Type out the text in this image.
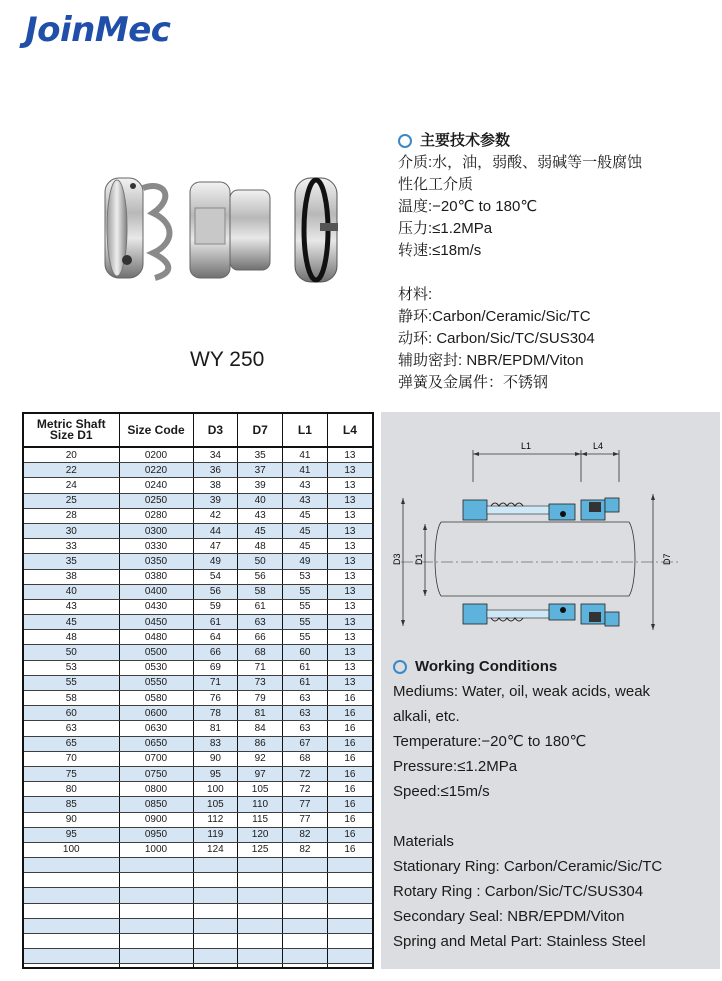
JoinMec
WY 250
主要技术参数

介质:水，油，弱酸、弱碱等一般腐蚀

性化工介质

温度:−20℃ to 180℃

压力:≤1.2MPa

转速:≤18m/s

材料:

静环:Carbon/Ceramic/Sic/TC

动环: Carbon/Sic/TC/SUS304

辅助密封: NBR/EPDM/Viton

弹簧及金属件：不锈钢

Metric Shaft
Size D1	Size Code	D3	D7	L1	L4
20	0200	34	35	41	13
22	0220	36	37	41	13
24	0240	38	39	43	13
25	0250	39	40	43	13
28	0280	42	43	45	13
30	0300	44	45	45	13
33	0330	47	48	45	13
35	0350	49	50	49	13
38	0380	54	56	53	13
40	0400	56	58	55	13
43	0430	59	61	55	13
45	0450	61	63	55	13
48	0480	64	66	55	13
50	0500	66	68	60	13
53	0530	69	71	61	13
55	0550	71	73	61	13
58	0580	76	79	63	16
60	0600	78	81	63	16
63	0630	81	84	63	16
65	0650	83	86	67	16
70	0700	90	92	68	16
75	0750	95	97	72	16
80	0800	100	105	72	16
85	0850	105	110	77	16
90	0900	112	115	77	16
95	0950	119	120	82	16
100	1000	124	125	82	16

L1	L4
D3 D1	D7
Working Conditions

Mediums: Water, oil, weak acids, weak

alkali, etc.

Temperature:−20℃ to 180℃

Pressure:≤1.2MPa

Speed:≤15m/s

Materials

Stationary Ring: Carbon/Ceramic/Sic/TC

Rotary Ring : Carbon/Sic/TC/SUS304

Secondary Seal: NBR/EPDM/Viton

Spring and Metal Part: Stainless Steel
